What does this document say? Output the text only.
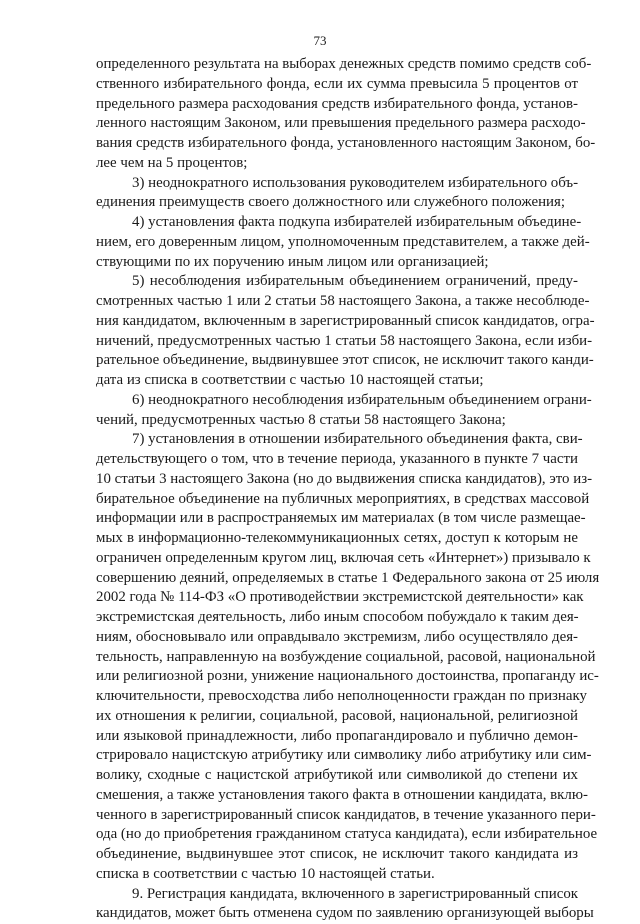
73
определенного результата на выборах денежных средств помимо средств соб-
ственного избирательного фонда, если их сумма превысила 5 процентов от
предельного размера расходования средств избирательного фонда, установ-
ленного настоящим Законом, или превышения предельного размера расходо-
вания средств избирательного фонда, установленного настоящим Законом, бо-
лее чем на 5 процентов;
3) неоднократного использования руководителем избирательного объ-
единения преимуществ своего должностного или служебного положения;
4) установления факта подкупа избирателей избирательным объедине-
нием, его доверенным лицом, уполномоченным представителем, а также дей-
ствующими по их поручению иным лицом или организацией;
5) несоблюдения избирательным объединением ограничений, преду-
смотренных частью 1 или 2 статьи 58 настоящего Закона, а также несоблюде-
ния кандидатом, включенным в зарегистрированный список кандидатов, огра-
ничений, предусмотренных частью 1 статьи 58 настоящего Закона, если изби-
рательное объединение, выдвинувшее этот список, не исключит такого канди-
дата из списка в соответствии с частью 10 настоящей статьи;
6) неоднократного несоблюдения избирательным объединением ограни-
чений, предусмотренных частью 8 статьи 58 настоящего Закона;
7) установления в отношении избирательного объединения факта, сви-
детельствующего о том, что в течение периода, указанного в пункте 7 части
10 статьи 3 настоящего Закона (но до выдвижения списка кандидатов), это из-
бирательное объединение на публичных мероприятиях, в средствах массовой
информации или в распространяемых им материалах (в том числе размещае-
мых в информационно-телекоммуникационных сетях, доступ к которым не
ограничен определенным кругом лиц, включая сеть «Интернет») призывало к
совершению деяний, определяемых в статье 1 Федерального закона от 25 июля
2002 года № 114-ФЗ «О противодействии экстремистской деятельности» как
экстремистская деятельность, либо иным способом побуждало к таким дея-
ниям, обосновывало или оправдывало экстремизм, либо осуществляло дея-
тельность, направленную на возбуждение социальной, расовой, национальной
или религиозной розни, унижение национального достоинства, пропаганду ис-
ключительности, превосходства либо неполноценности граждан по признаку
их отношения к религии, социальной, расовой, национальной, религиозной
или языковой принадлежности, либо пропагандировало и публично демон-
стрировало нацистскую атрибутику или символику либо атрибутику или сим-
волику, сходные с нацистской атрибутикой или символикой до степени их
смешения, а также установления такого факта в отношении кандидата, вклю-
ченного в зарегистрированный список кандидатов, в течение указанного пери-
ода (но до приобретения гражданином статуса кандидата), если избирательное
объединение, выдвинувшее этот список, не исключит такого кандидата из
списка в соответствии с частью 10 настоящей статьи.
9. Регистрация кандидата, включенного в зарегистрированный список
кандидатов, может быть отменена судом по заявлению организующей выборы
